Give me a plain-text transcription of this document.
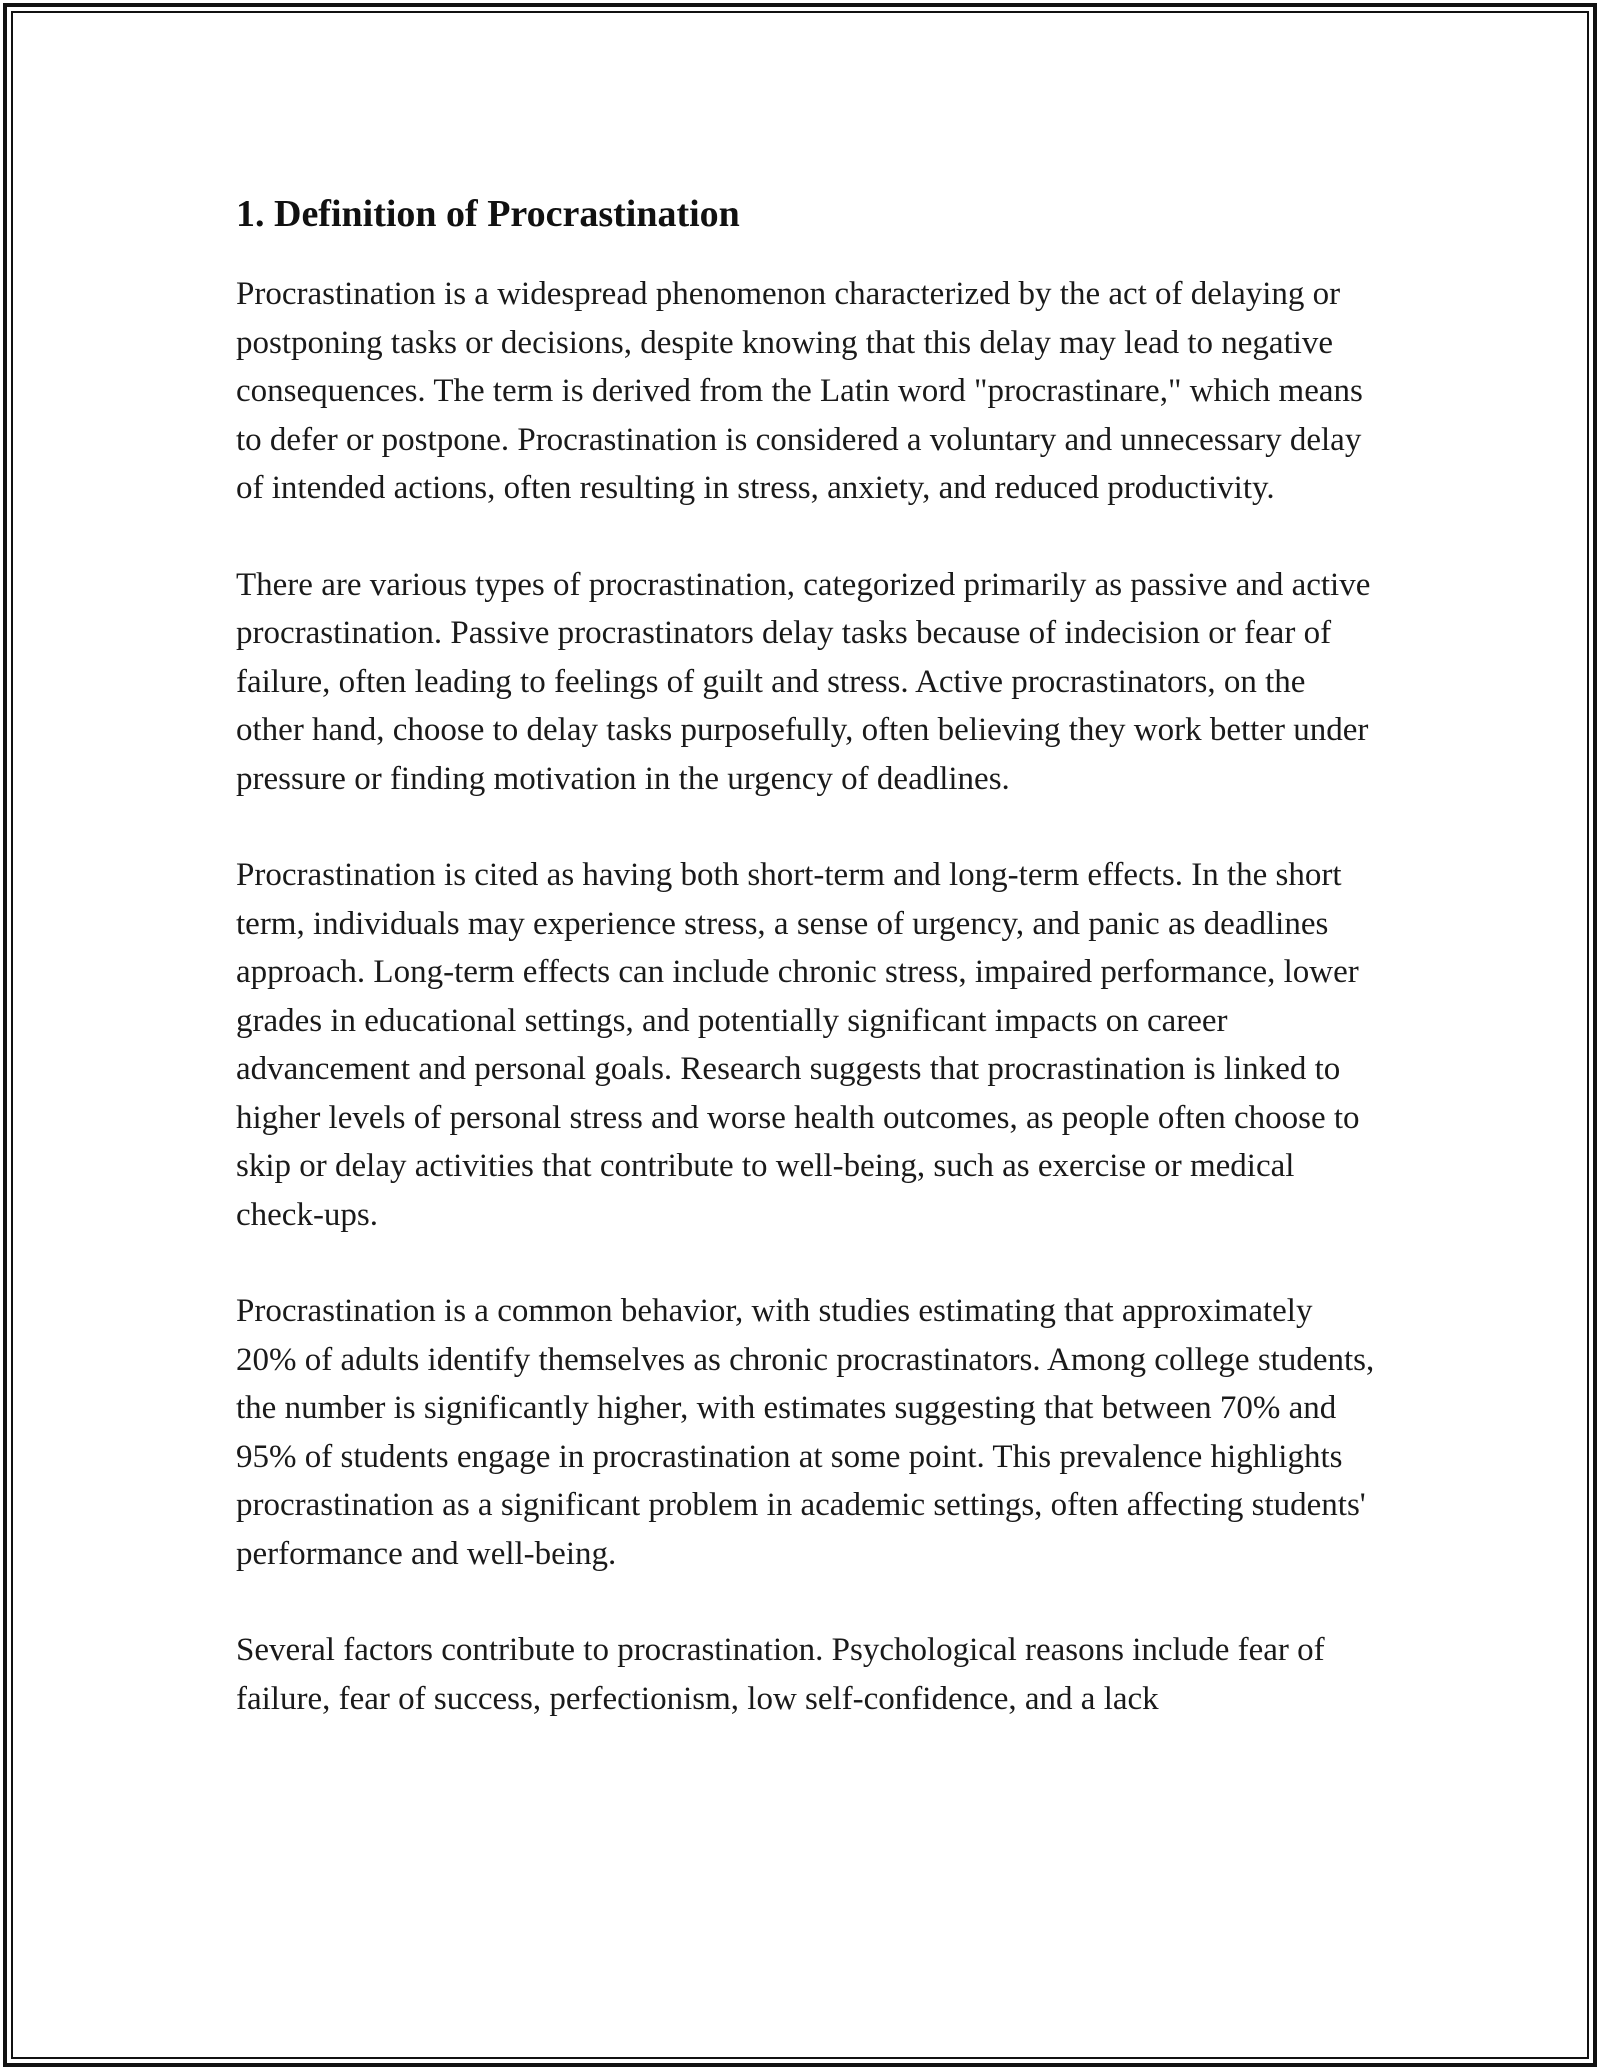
1. Definition of Procrastination

Procrastination is a widespread phenomenon characterized by the act of delaying or postponing tasks or decisions, despite knowing that this delay may lead to negative consequences. The term is derived from the Latin word "procrastinare," which means to defer or postpone. Procrastination is considered a voluntary and unnecessary delay of intended actions, often resulting in stress, anxiety, and reduced productivity.

There are various types of procrastination, categorized primarily as passive and active procrastination. Passive procrastinators delay tasks because of indecision or fear of failure, often leading to feelings of guilt and stress. Active procrastinators, on the other hand, choose to delay tasks purposefully, often believing they work better under pressure or finding motivation in the urgency of deadlines.

Procrastination is cited as having both short-term and long-term effects. In the short term, individuals may experience stress, a sense of urgency, and panic as deadlines approach. Long-term effects can include chronic stress, impaired performance, lower grades in educational settings, and potentially significant impacts on career advancement and personal goals. Research suggests that procrastination is linked to higher levels of personal stress and worse health outcomes, as people often choose to skip or delay activities that contribute to well-being, such as exercise or medical check-ups.

Procrastination is a common behavior, with studies estimating that approximately 20% of adults identify themselves as chronic procrastinators. Among college students, the number is significantly higher, with estimates suggesting that between 70% and 95% of students engage in procrastination at some point. This prevalence highlights procrastination as a significant problem in academic settings, often affecting students' performance and well-being.

Several factors contribute to procrastination. Psychological reasons include fear of failure, fear of success, perfectionism, low self-confidence, and a lack
